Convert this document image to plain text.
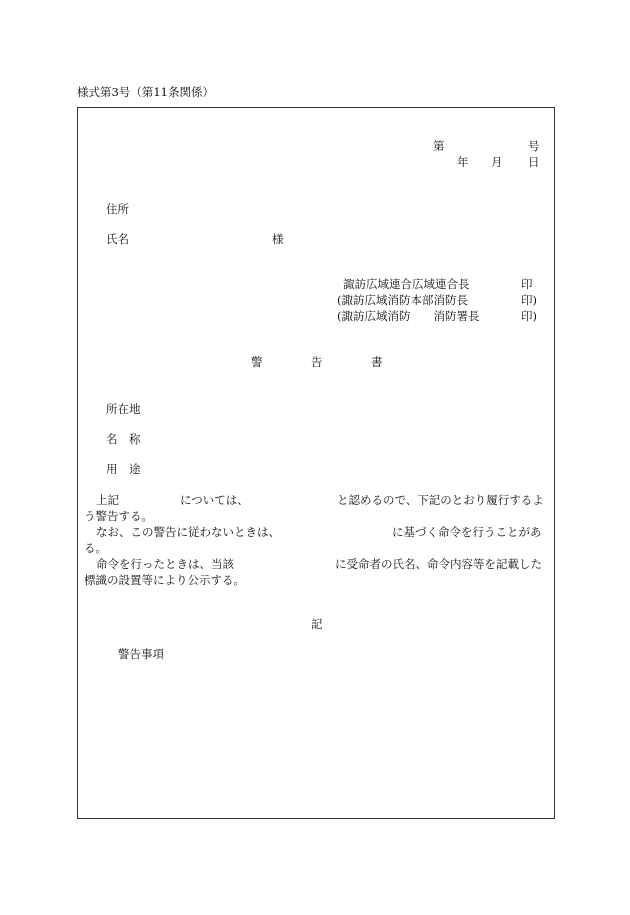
様式第3号（第11条関係）
第	号
年 月 日
住所
氏名	様
諏訪広域連合広域連合長	印
(諏訪広域消防本部消防長	印)
(諏訪広域消防　　消防署長	印)
警	告	書
所在地
名　称
用　途
上記	については、	と認めるので、下記のとおり履行するよ
う警告する。
なお、この警告に従わないときは、	に基づく命令を行うことがあ
る。
命令を行ったときは、当該	に受命者の氏名、命令内容等を記載した
標識の設置等により公示する。
記
警告事項
